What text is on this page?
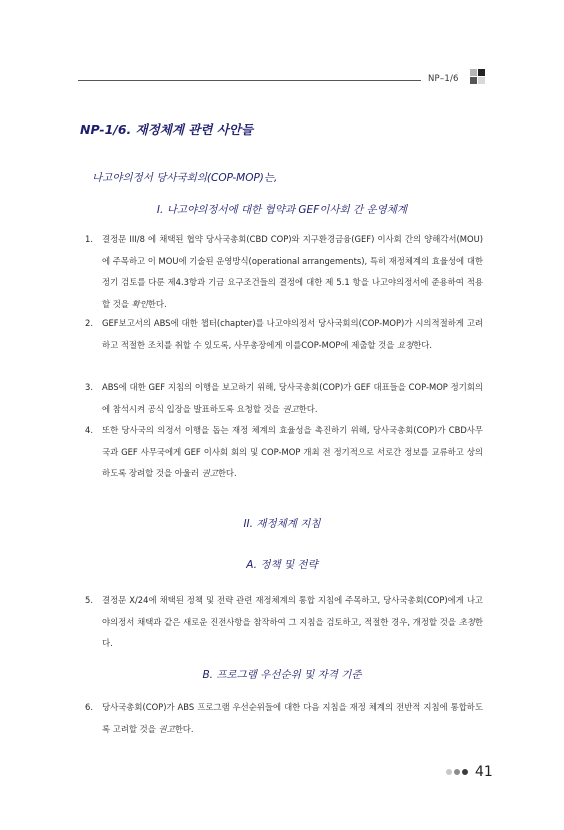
NP–1/6
NP-1/6. 재정체계 관련 사안들
나고야의정서 당사국회의(COP-MOP)는,
I. 나고야의정서에 대한 협약과 GEF이사회 간 운영체계
1. 결정문 III/8 에 채택된 협약 당사국총회(CBD COP)와 지구환경금융(GEF) 이사회 간의 양해각서(MOU)에 주목하고 이 MOU에 기술된 운영방식(operational arrangements), 특히 재정체계의 효율성에 대한 정기 검토를 다룬 제4.3항과 기금 요구조건들의 결정에 대한 제 5.1 항을 나고야의정서에 준용하여 적용할 것을 확인한다.
2. GEF보고서의 ABS에 대한 챕터(chapter)를 나고야의정서 당사국회의(COP-MOP)가 시의적절하게 고려하고 적절한 조치를 취할 수 있도록, 사무총장에게 이를COP-MOP에 제출할 것을 요청한다.
3. ABS에 대한 GEF 지침의 이행을 보고하기 위해, 당사국총회(COP)가 GEF 대표들을 COP-MOP 정기회의에 참석시켜 공식 입장을 발표하도록 요청할 것을 권고한다.
4. 또한 당사국의 의정서 이행을 돕는 재정 체계의 효율성을 촉진하기 위해, 당사국총회(COP)가 CBD사무국과 GEF 사무국에게 GEF 이사회 회의 및 COP-MOP 개최 전 정기적으로 서로간 정보를 교류하고 상의하도록 장려할 것을 아울러 권고한다.
II. 재정체계 지침
A. 정책 및 전략
5. 결정문 X/24에 채택된 정책 및 전략 관련 재정체계의 통합 지침에 주목하고, 당사국총회(COP)에게 나고야의정서 채택과 같은 새로운 진전사항을 참작하여 그 지침을 검토하고, 적절한 경우, 개정할 것을 초청한다.
B. 프로그램 우선순위 및 자격 기준
6. 당사국총회(COP)가 ABS 프로그램 우선순위들에 대한 다음 지침을 재정 체계의 전반적 지침에 통합하도록 고려할 것을 권고한다.
41
